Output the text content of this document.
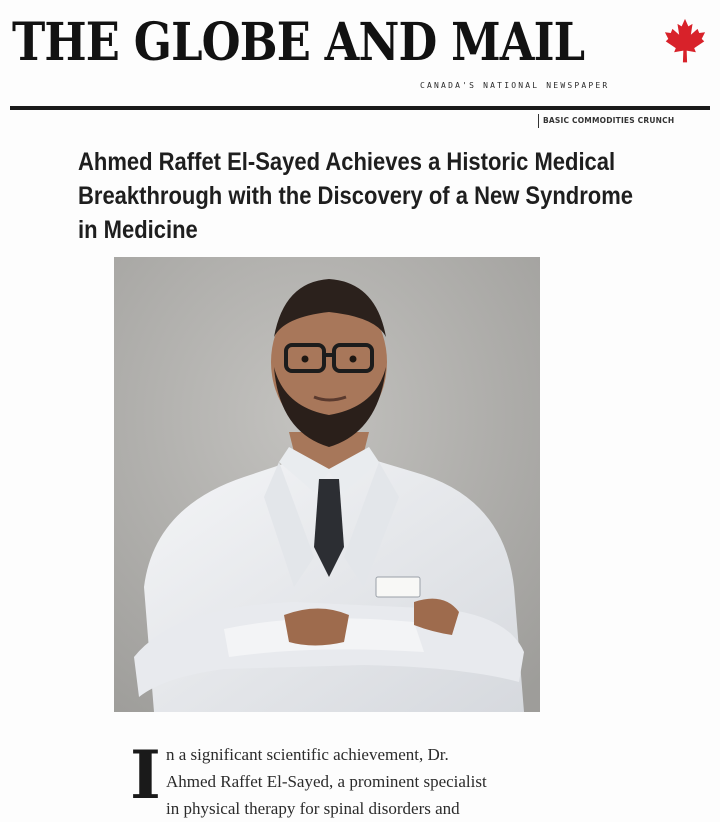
THE GLOBE AND MAIL
CANADA'S NATIONAL NEWSPAPER
BASIC COMMODITIES CRUNCH
Ahmed Raffet El-Sayed Achieves a Historic Medical Breakthrough with the Discovery of a New Syndrome in Medicine
I n a significant scientific achievement, Dr.
Ahmed Raffet El-Sayed, a prominent specialist
in physical therapy for spinal disorders and
